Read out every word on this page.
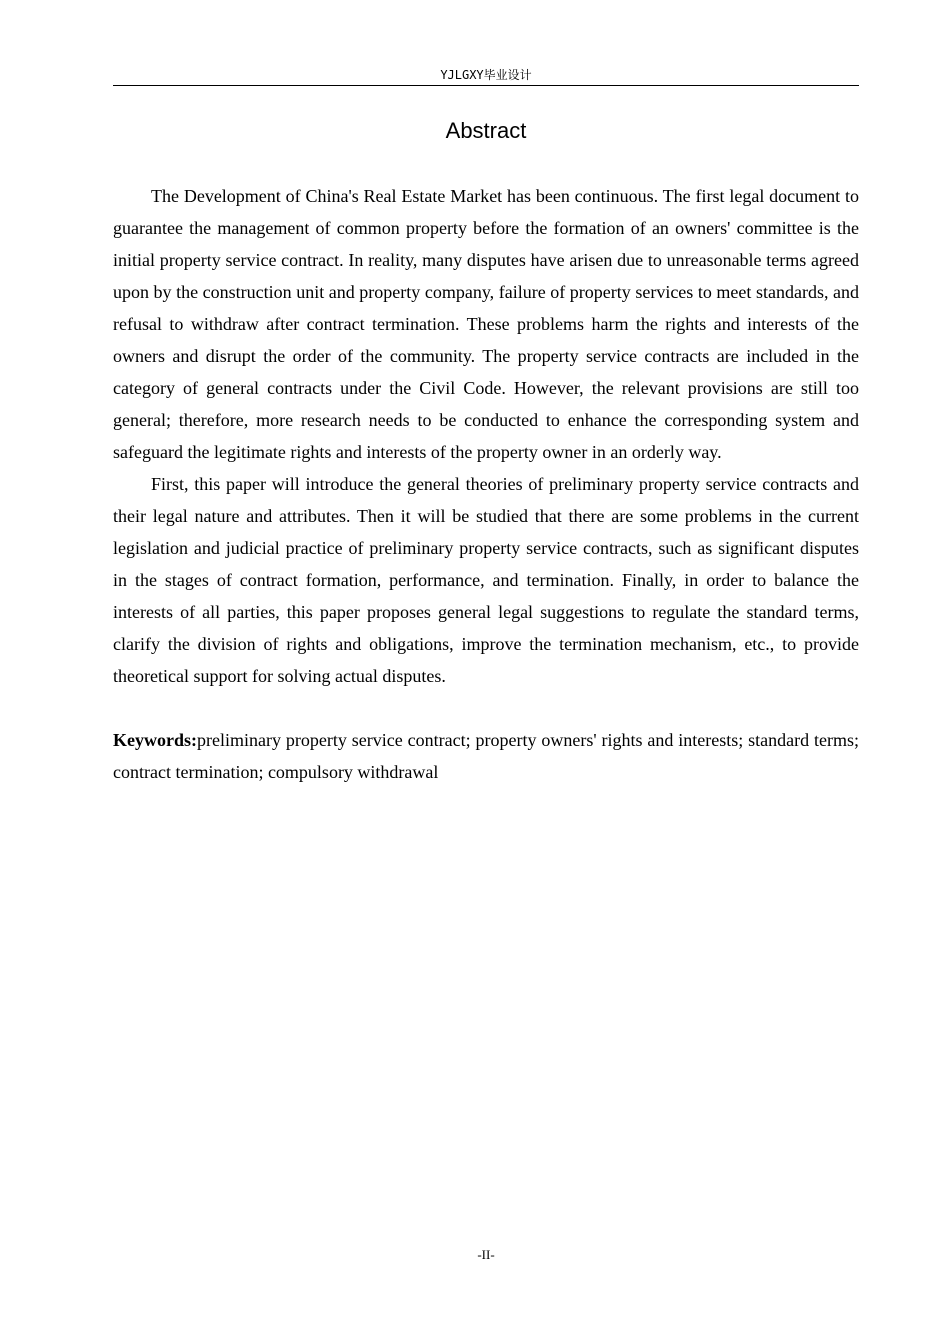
YJLGXY毕业设计
Abstract

The Development of China's Real Estate Market has been continuous. The first legal document to guarantee the management of common property before the formation of an owners' committee is the initial property service contract. In reality, many disputes have arisen due to unreasonable terms agreed upon by the construction unit and property company, failure of property services to meet standards, and refusal to withdraw after contract termination. These problems harm the rights and interests of the owners and disrupt the order of the community. The property service contracts are included in the category of general contracts under the Civil Code. However, the relevant provisions are still too general; therefore, more research needs to be conducted to enhance the corresponding system and safeguard the legitimate rights and interests of the property owner in an orderly way.

First, this paper will introduce the general theories of preliminary property service contracts and their legal nature and attributes. Then it will be studied that there are some problems in the current legislation and judicial practice of preliminary property service contracts, such as significant disputes in the stages of contract formation, performance, and termination. Finally, in order to balance the interests of all parties, this paper proposes general legal suggestions to regulate the standard terms, clarify the division of rights and obligations, improve the termination mechanism, etc., to provide theoretical support for solving actual disputes.

Keywords:preliminary property service contract; property owners' rights and interests; standard terms; contract termination; compulsory withdrawal

-II-
